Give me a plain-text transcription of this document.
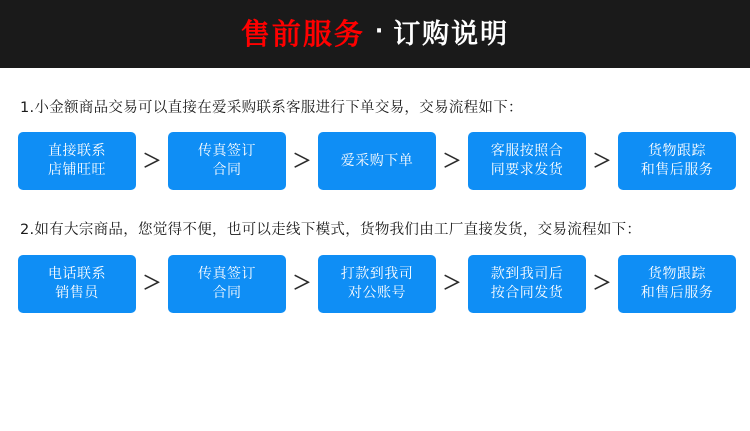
售前服务 · 订购说明
1.小金额商品交易可以直接在爱采购联系客服进行下单交易，交易流程如下：
直接联系
店铺旺旺	＞	传真签订
合同	＞	爱采购下单	＞	客服按照合
同要求发货	＞	货物跟踪
和售后服务
2.如有大宗商品，您觉得不便，也可以走线下模式，货物我们由工厂直接发货，交易流程如下：
电话联系
销售员	＞	传真签订
合同	＞	打款到我司
对公账号	＞	款到我司后
按合同发货	＞	货物跟踪
和售后服务
